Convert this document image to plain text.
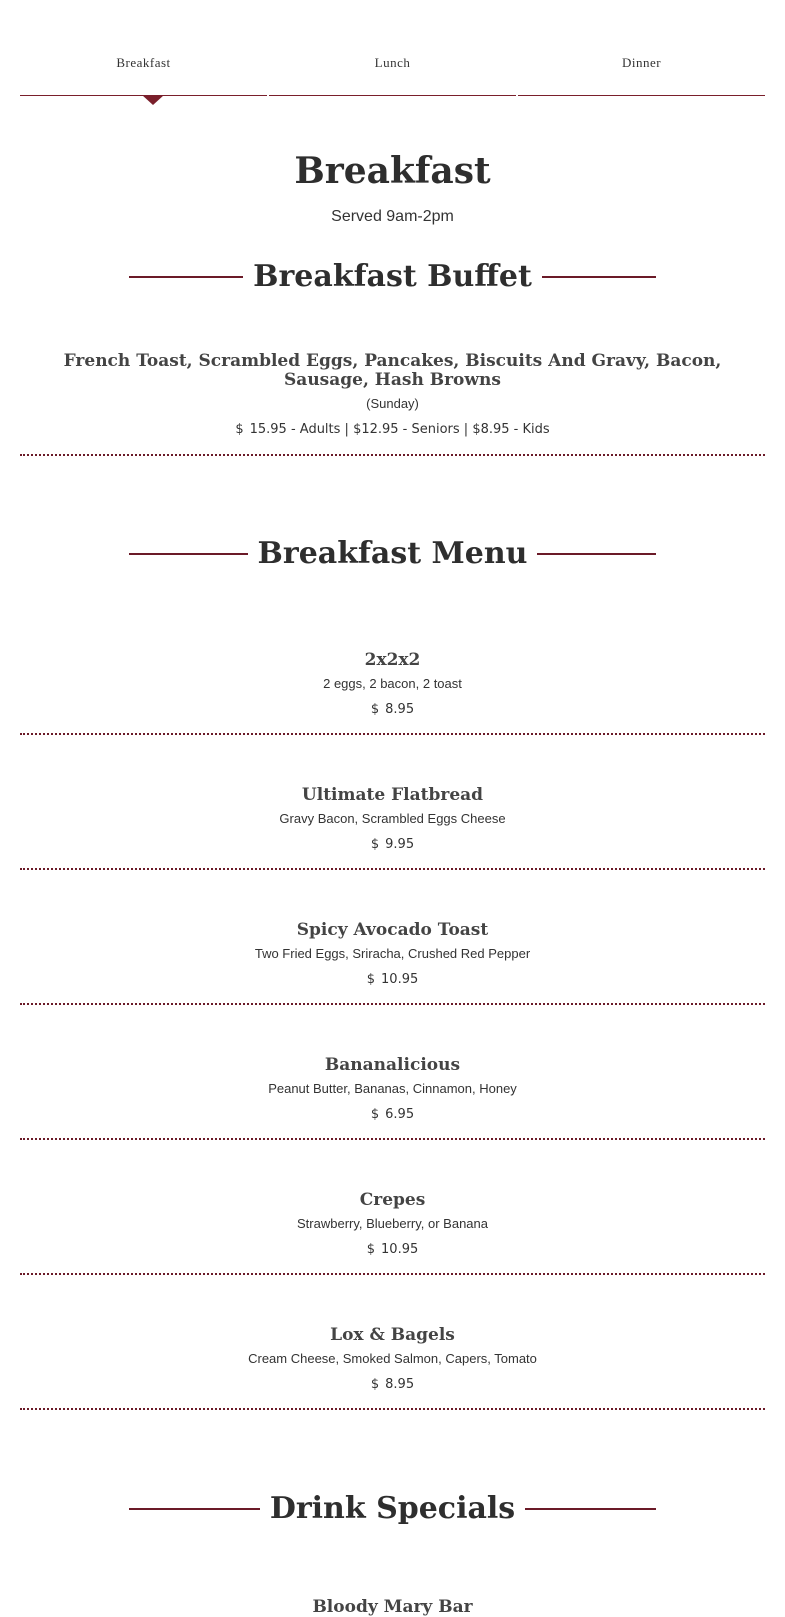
Breakfast	Lunch	Dinner
Breakfast
Served 9am-2pm
Breakfast Buffet
French Toast, Scrambled Eggs, Pancakes, Biscuits And Gravy, Bacon, Sausage, Hash Browns
(Sunday)
$ 15.95 - Adults | $12.95 - Seniors | $8.95 - Kids
Breakfast Menu
2x2x2
2 eggs, 2 bacon, 2 toast
$ 8.95
Ultimate Flatbread
Gravy Bacon, Scrambled Eggs Cheese
$ 9.95
Spicy Avocado Toast
Two Fried Eggs, Sriracha, Crushed Red Pepper
$ 10.95
Bananalicious
Peanut Butter, Bananas, Cinnamon, Honey
$ 6.95
Crepes
Strawberry, Blueberry, or Banana
$ 10.95
Lox & Bagels
Cream Cheese, Smoked Salmon, Capers, Tomato
$ 8.95
Drink Specials
Bloody Mary Bar
